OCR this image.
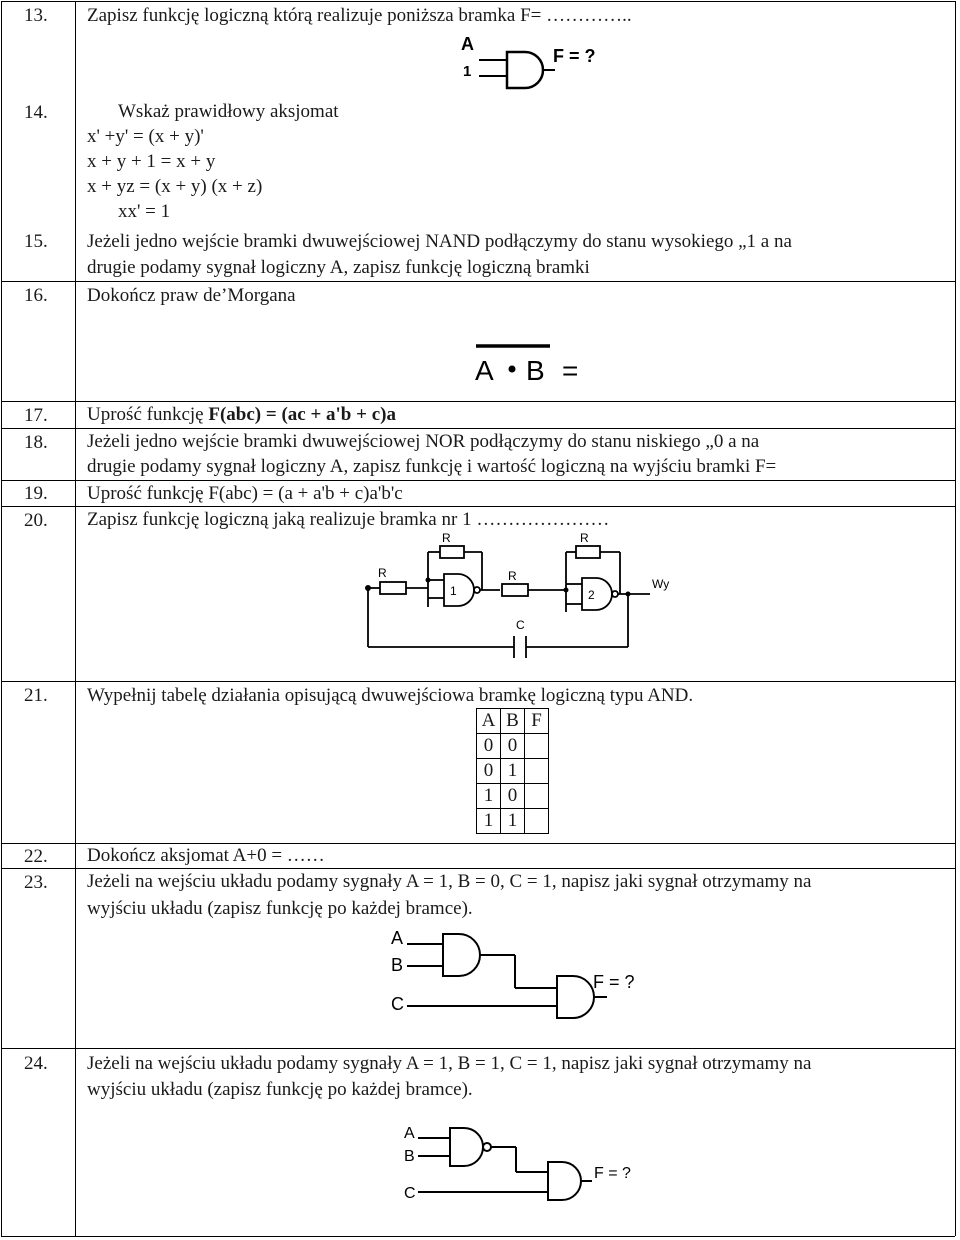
13. Zapisz funkcję logiczną którą realizuje poniższa bramka F= …………..
A
1
F = ?
14.	Wskaż prawidłowy aksjomat
x' +y' = (x + y)'
x + y + 1 = x + y
x + yz = (x + y) (x + z)
xx' = 1
15. Jeżeli jedno wejście bramki dwuwejściowej NAND podłączymy do stanu wysokiego „1 a na
drugie podamy sygnał logiczny A, zapisz funkcję logiczną bramki
16. Dokończ praw de’Morgana
A B =
17. Uprość funkcję F(abc) = (ac + a'b + c)a
18. Jeżeli jedno wejście bramki dwuwejściowej NOR podłączymy do stanu niskiego „0 a na
drugie podamy sygnał logiczny A, zapisz funkcję i wartość logiczną na wyjściu bramki F=
19. Uprość funkcję F(abc) = (a + a'b + c)a'b'c
20. Zapisz funkcję logiczną jaką realizuje bramka nr 1 …………………
R	R
R	R
C
1	2
Wy
21. Wypełnij tabelę działania opisującą dwuwejściowa bramkę logiczną typu AND.
A	B	F
0	0	
0	1	
1	0	
1	1	
22. Dokończ aksjomat A+0 = ……
23. Jeżeli na wejściu układu podamy sygnały A = 1, B = 0, C = 1, napisz jaki sygnał otrzymamy na
wyjściu układu (zapisz funkcję po każdej bramce).
A
B
C
F = ?
24. Jeżeli na wejściu układu podamy sygnały A = 1, B = 1, C = 1, napisz jaki sygnał otrzymamy na
wyjściu układu (zapisz funkcję po każdej bramce).
A
B
C
F = ?
